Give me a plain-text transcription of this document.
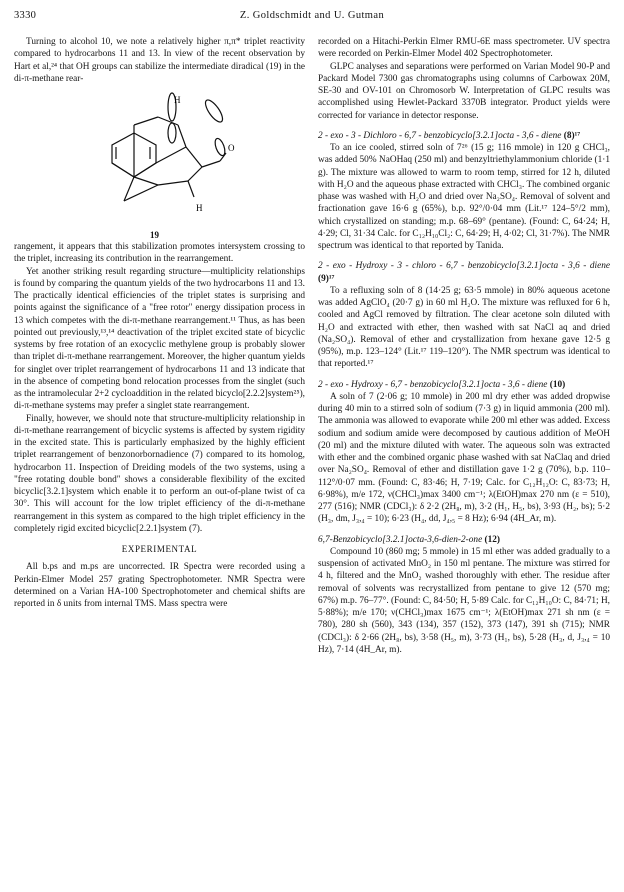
3330	Z. Goldschmidt and U. Gutman

Turning to alcohol 10, we note a relatively higher π,π* triplet reactivity compared to hydrocarbons 11 and 13. In view of the recent observation by Hart et al,²⁴ that OH groups can stabilize the intermediate diradical (19) in the di-π-methane rear-

H
O
H
19

rangement, it appears that this stabilization promotes intersystem crossing to the triplet, increasing its contribution in the rearrangement.

Yet another striking result regarding structure—multiplicity relationships is found by comparing the quantum yields of the two hydrocarbons 11 and 13. The practically identical efficiencies of the triplet states is surprising and points against the significance of a "free rotor" energy dissipation process in 13 which competes with the di-π-methane rearrangement.¹¹ Thus, as has been pointed out previously,¹³,¹⁴ deactivation of the triplet excited state of bicyclic systems by free rotation of an exocyclic methylene group is probably slower than triplet di-π-methane rearrangement. Moreover, the higher quantum yields for singlet over triplet rearrangement of hydrocarbons 11 and 13 indicate that in the absence of competing bond relocation processes from the singlet (such as the intramolecular 2+2 cycloaddition in the related bicyclo[2.2.2]system²⁵), di-π-methane systems may prefer a singlet state rearrangement.

Finally, however, we should note that structure-multiplicity relationship in di-π-methane rearrangement of bicyclic systems is affected by system rigidity in the excited state. This is particularly emphasized by the highly efficient triplet rearrangement of benzonorbornadience (7) compared to its homolog, hydrocarbon 11. Inspection of Dreiding models of the two systems, using a "free rotating double bond" shows a considerable flexibility of the excited bicyclic[3.2.1]system which enable it to perform an out-of-plane twist of ca 30°. This will account for the low triplet efficiency of the di-π-methane rearrangement in this system as compared to the high triplet efficiency in the completely rigid excited bicyclic[2.2.1]system (7).

EXPERIMENTAL

All b.ps and m.ps are uncorrected. IR Spectra were recorded using a Perkin-Elmer Model 257 grating Spectrophotometer. NMR Spectra were determined on a Varian HA-100 Spectrophotometer and chemical shifts are reported in δ units from internal TMS. Mass spectra were

recorded on a Hitachi-Perkin Elmer RMU-6E mass spectrometer. UV spectra were recorded on Perkin-Elmer Model 402 Spectrophotometer.

GLPC analyses and separations were performed on Varian Model 90-P and Packard Model 7300 gas chromatographs using columns of Carbowax 20M, SE-30 and OV-101 on Chromosorb W. Interpretation of GLPC results was accomplished using Hewlet-Packard 3370B integrator. Product yields were corrected for variance in detector response.

2 - exo - 3 - Dichloro - 6,7 - benzobicyclo[3.2.1]octa - 3,6 - diene (8)¹⁷

To an ice cooled, stirred soln of 7²⁶ (15 g; 116 mmole) in 120 g CHCl₃, was added 50% NaOHaq (250 ml) and benzyltriethylammonium chloride (1·1 g). The mixture was allowed to warm to room temp, stirred for 12 h, diluted with H₂O and the aqueous phase extracted with CHCl₃. The combined organic phase was washed with H₂O and dried over Na₂SO₄. Removal of solvent and fractionation gave 16·6 g (65%), b.p. 92°/0·04 mm (Lit.¹⁷ 124–5°/2 mm), which crystallized on standing; m.p. 68–69° (pentane). (Found: C, 64·24; H, 4·29; Cl, 31·34 Calc. for C₁₂H₁₀Cl₂: C, 64·29; H, 4·02; Cl, 31·7%). The NMR spectrum was identical to that reported by Tanida.

2 - exo - Hydroxy - 3 - chloro - 6,7 - benzobicyclo[3.2.1]octa - 3,6 - diene (9)¹⁷

To a refluxing soln of 8 (14·25 g; 63·5 mmole) in 80% aqueous acetone was added AgClO₄ (20·7 g) in 60 ml H₂O. The mixture was refluxed for 6 h, cooled and AgCl removed by filtration. The clear acetone soln diluted with H₂O and extracted with ether, then washed with sat NaCl aq and dried (Na₂SO₄). Removal of ether and crystallization from hexane gave 12·5 g (95%), m.p. 123–124° (Lit.¹⁷ 119–120°). The NMR spectrum was identical to that reported.¹⁷

2 - exo - Hydroxy - 6,7 - benzobicyclo[3.2.1]octa - 3,6 - diene (10)

A soln of 7 (2·06 g; 10 mmole) in 200 ml dry ether was added dropwise during 40 min to a stirred soln of sodium (7·3 g) in liquid ammonia (200 ml). The ammonia was allowed to evaporate while 200 ml ether was added. Excess sodium and sodium amide were decomposed by cautious addition of MeOH (20 ml) and the mixture diluted with water. The aqueous soln was extracted with ether and the combined organic phase washed with sat NaClaq and dried over Na₂SO₄. Removal of ether and distillation gave 1·2 g (70%), b.p. 110–112°/0·07 mm. (Found: C, 83·46; H, 7·19; Calc. for C₁₂H₁₂O: C, 83·73; H, 6·98%), m/e 172, ν(CHCl₃)max 3400 cm⁻¹; λ(EtOH)max 270 nm (ε = 510), 277 (516); NMR (CDCl₃): δ 2·2 (2H₈, m), 3·2 (H₁, H₅, bs), 3·93 (H₂, bs); 5·2 (H₃, dm, J₃,₄ = 10); 6·23 (H₄, dd, J₄,₅ = 8 Hz); 6·94 (4H_Ar, m).

6,7-Benzobicyclo[3.2.1]octa-3,6-dien-2-one (12)

Compound 10 (860 mg; 5 mmole) in 15 ml ether was added gradually to a suspension of activated MnO₂ in 150 ml pentane. The mixture was stirred for 4 h, filtered and the MnO₂ washed thoroughly with ether. The residue after removal of solvents was recrystallized from pentane to give 12 (570 mg; 67%) m.p. 76–77°. (Found: C, 84·50; H, 5·89 Calc. for C₁₂H₁₀O: C, 84·71; H, 5·88%); m/e 170; ν(CHCl₃)max 1675 cm⁻¹; λ(EtOH)max 271 sh nm (ε = 780), 280 sh (560), 343 (134), 357 (152), 373 (147), 391 sh (715); NMR (CDCl₃): δ 2·66 (2H₈, bs), 3·58 (H₅, m), 3·73 (H₁, bs), 5·28 (H₃, d, J₃,₄ = 10 Hz), 7·14 (4H_Ar, m).
